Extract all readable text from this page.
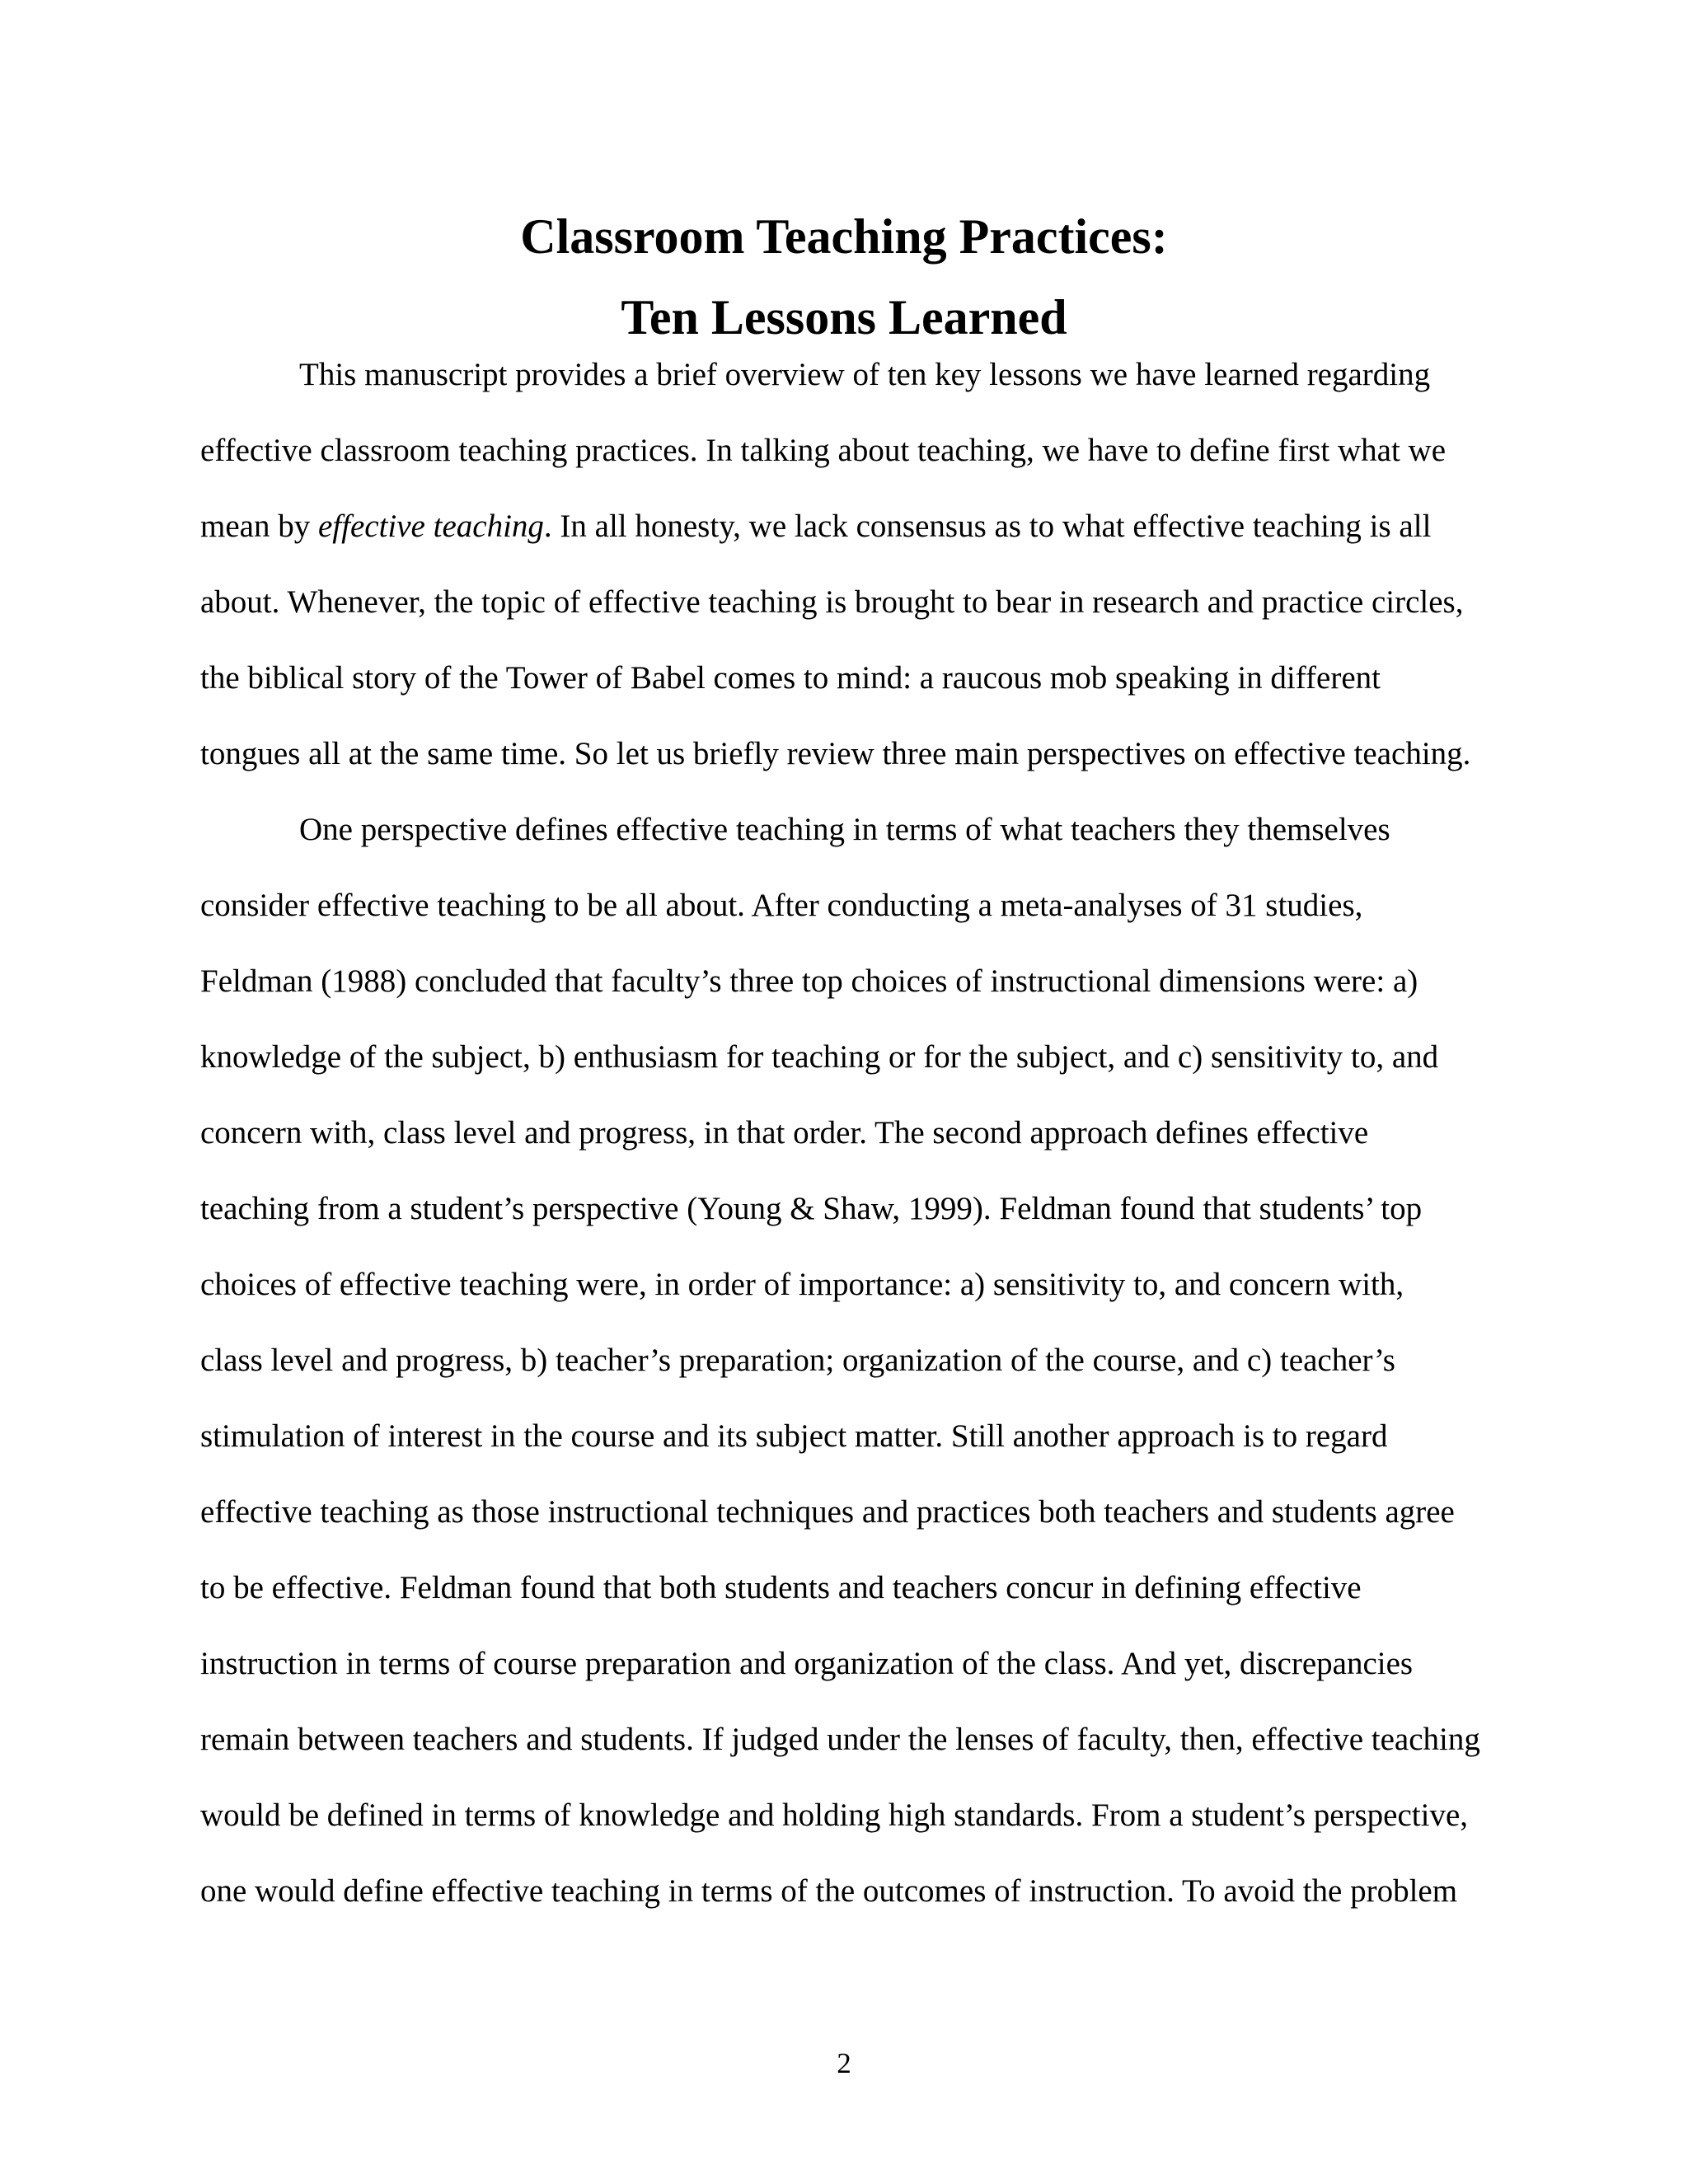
Classroom Teaching Practices:
Ten Lessons Learned
This manuscript provides a brief overview of ten key lessons we have learned regarding
effective classroom teaching practices. In talking about teaching, we have to define first what we
mean by effective teaching. In all honesty, we lack consensus as to what effective teaching is all
about. Whenever, the topic of effective teaching is brought to bear in research and practice circles,
the biblical story of the Tower of Babel comes to mind: a raucous mob speaking in different
tongues all at the same time. So let us briefly review three main perspectives on effective teaching.
One perspective defines effective teaching in terms of what teachers they themselves
consider effective teaching to be all about. After conducting a meta-analyses of 31 studies,
Feldman (1988) concluded that faculty’s three top choices of instructional dimensions were: a)
knowledge of the subject, b) enthusiasm for teaching or for the subject, and c) sensitivity to, and
concern with, class level and progress, in that order. The second approach defines effective
teaching from a student’s perspective (Young & Shaw, 1999). Feldman found that students’ top
choices of effective teaching were, in order of importance: a) sensitivity to, and concern with,
class level and progress, b) teacher’s preparation; organization of the course, and c) teacher’s
stimulation of interest in the course and its subject matter. Still another approach is to regard
effective teaching as those instructional techniques and practices both teachers and students agree
to be effective. Feldman found that both students and teachers concur in defining effective
instruction in terms of course preparation and organization of the class. And yet, discrepancies
remain between teachers and students. If judged under the lenses of faculty, then, effective teaching
would be defined in terms of knowledge and holding high standards. From a student’s perspective,
one would define effective teaching in terms of the outcomes of instruction. To avoid the problem
2
